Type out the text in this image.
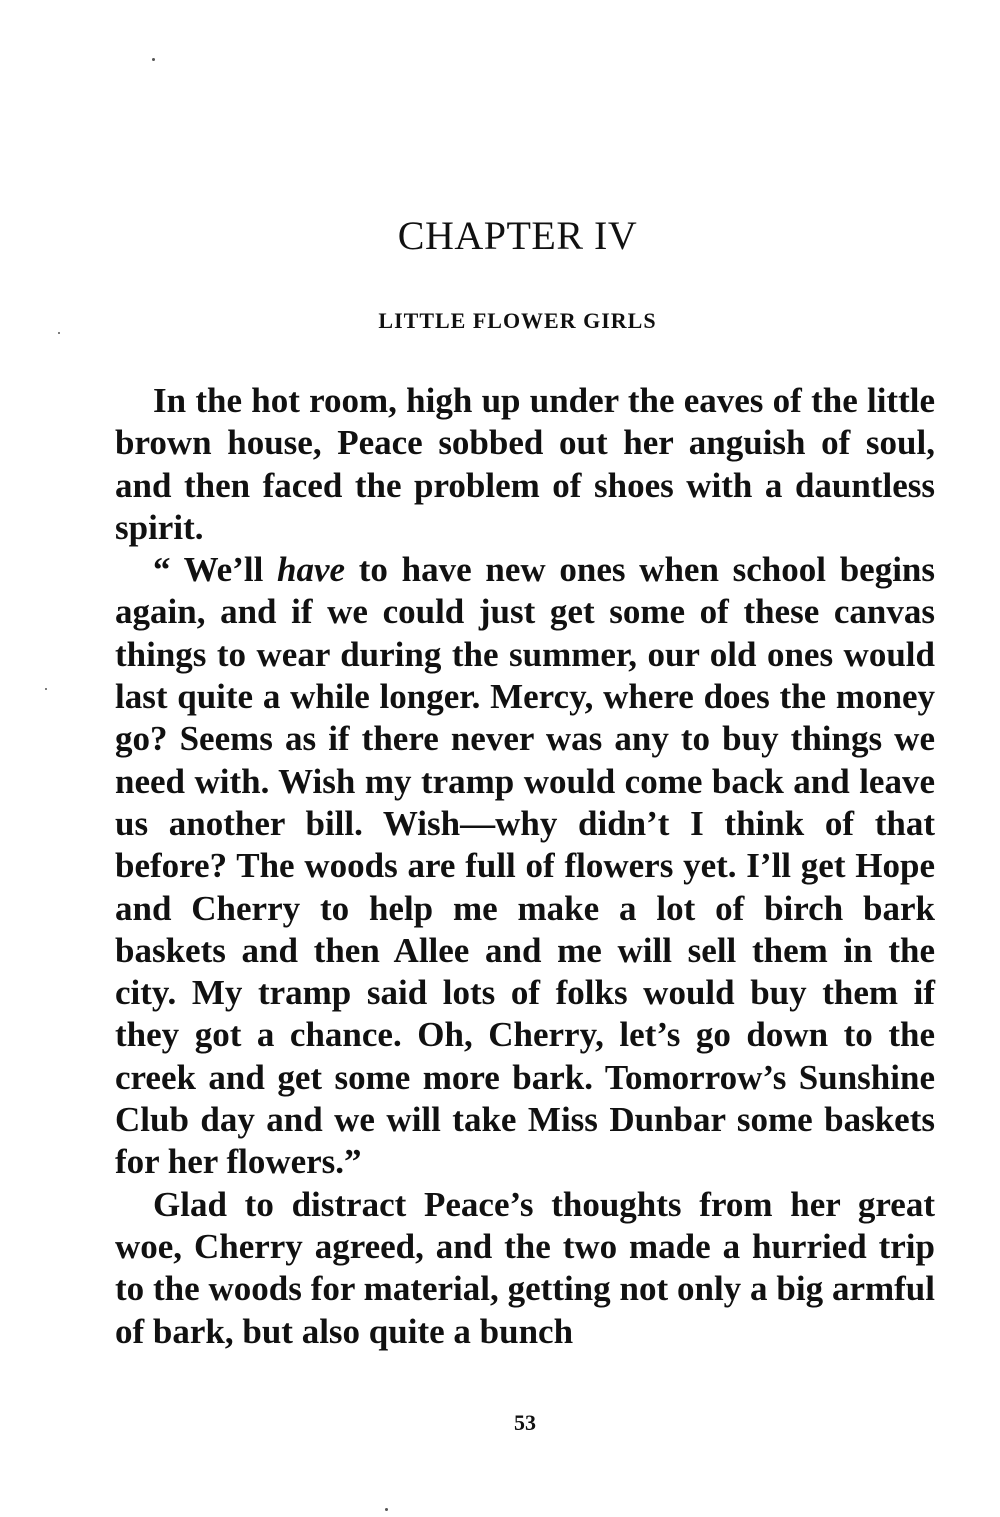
CHAPTER IV
LITTLE FLOWER GIRLS

In the hot room, high up under the eaves of the little brown house, Peace sobbed out her anguish of soul, and then faced the problem of shoes with a dauntless spirit.

“ We’ll have to have new ones when school begins again, and if we could just get some of these canvas things to wear during the summer, our old ones would last quite a while longer. Mercy, where does the money go? Seems as if there never was any to buy things we need with. Wish my tramp would come back and leave us another bill. Wish—why didn’t I think of that before? The woods are full of flowers yet. I’ll get Hope and Cherry to help me make a lot of birch bark baskets and then Allee and me will sell them in the city. My tramp said lots of folks would buy them if they got a chance. Oh, Cherry, let’s go down to the creek and get some more bark. Tomorrow’s Sunshine Club day and we will take Miss Dunbar some baskets for her flowers.”

Glad to distract Peace’s thoughts from her great woe, Cherry agreed, and the two made a hurried trip to the woods for material, getting not only a big armful of bark, but also quite a bunch

53
